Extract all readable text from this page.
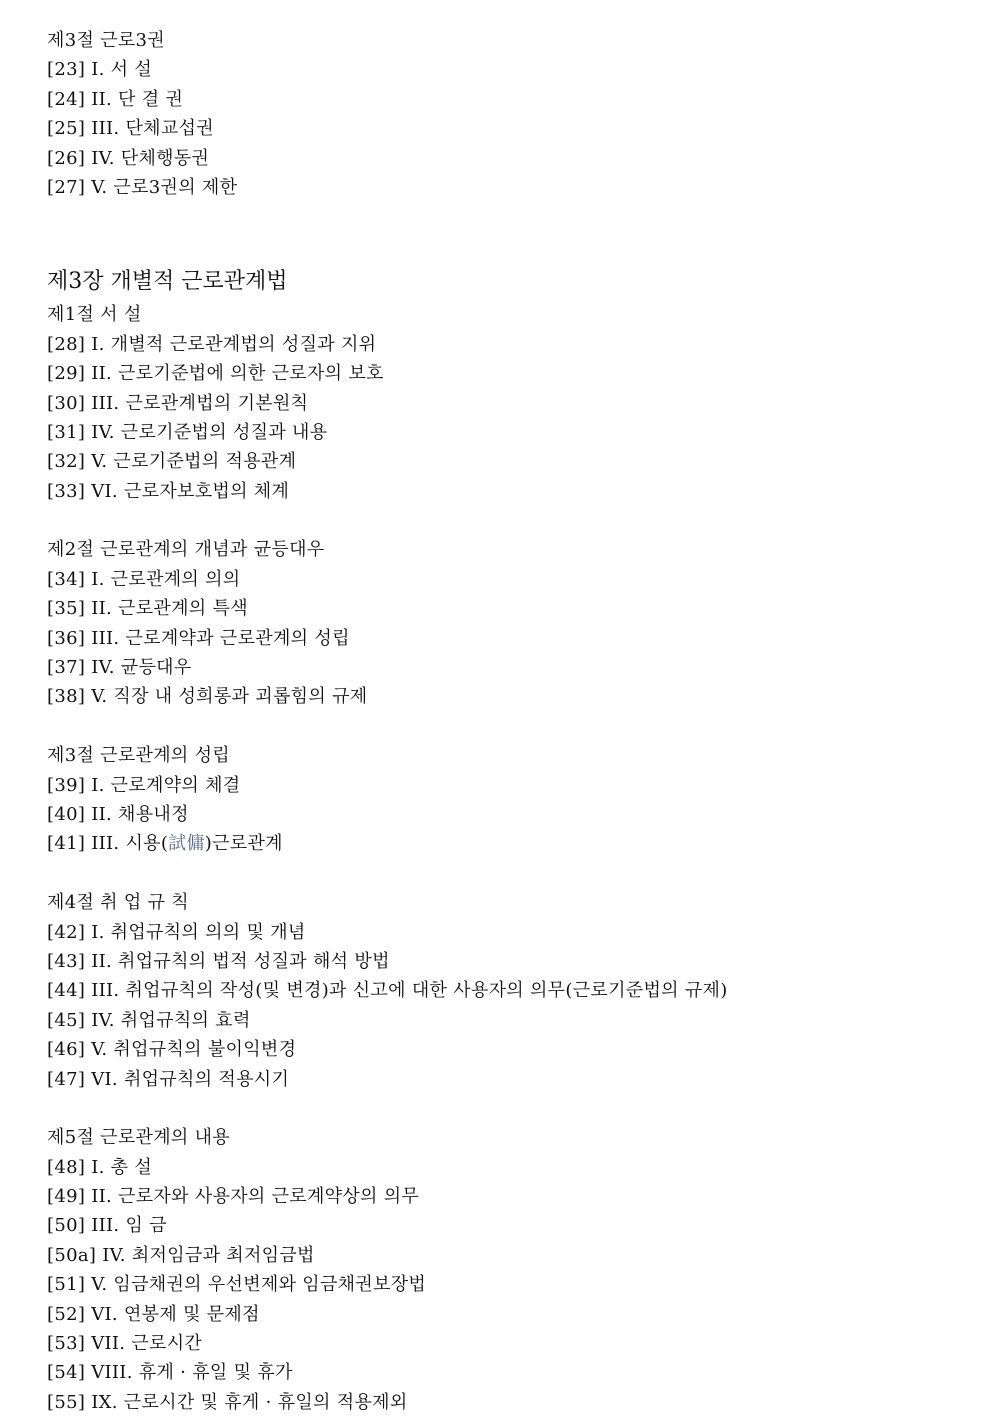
제3절 근로3권
[23] I. 서 설
[24] II. 단 결 권
[25] III. 단체교섭권
[26] IV. 단체행동권
[27] V. 근로3권의 제한
제3장 개별적 근로관계법
제1절 서 설
[28] I. 개별적 근로관계법의 성질과 지위
[29] II. 근로기준법에 의한 근로자의 보호
[30] III. 근로관계법의 기본원칙
[31] IV. 근로기준법의 성질과 내용
[32] V. 근로기준법의 적용관계
[33] VI. 근로자보호법의 체계
제2절 근로관계의 개념과 균등대우
[34] I. 근로관계의 의의
[35] II. 근로관계의 특색
[36] III. 근로계약과 근로관계의 성립
[37] IV. 균등대우
[38] V. 직장 내 성희롱과 괴롭힘의 규제
제3절 근로관계의 성립
[39] I. 근로계약의 체결
[40] II. 채용내정
[41] III. 시용(試傭)근로관계
제4절 취 업 규 칙
[42] I. 취업규칙의 의의 및 개념
[43] II. 취업규칙의 법적 성질과 해석 방법
[44] III. 취업규칙의 작성(및 변경)과 신고에 대한 사용자의 의무(근로기준법의 규제)
[45] IV. 취업규칙의 효력
[46] V. 취업규칙의 불이익변경
[47] VI. 취업규칙의 적용시기
제5절 근로관계의 내용
[48] I. 총 설
[49] II. 근로자와 사용자의 근로계약상의 의무
[50] III. 임 금
[50a] IV. 최저임금과 최저임금법
[51] V. 임금채권의 우선변제와 임금채권보장법
[52] VI. 연봉제 및 문제점
[53] VII. 근로시간
[54] VIII. 휴게 · 휴일 및 휴가
[55] IX. 근로시간 및 휴게 · 휴일의 적용제외
